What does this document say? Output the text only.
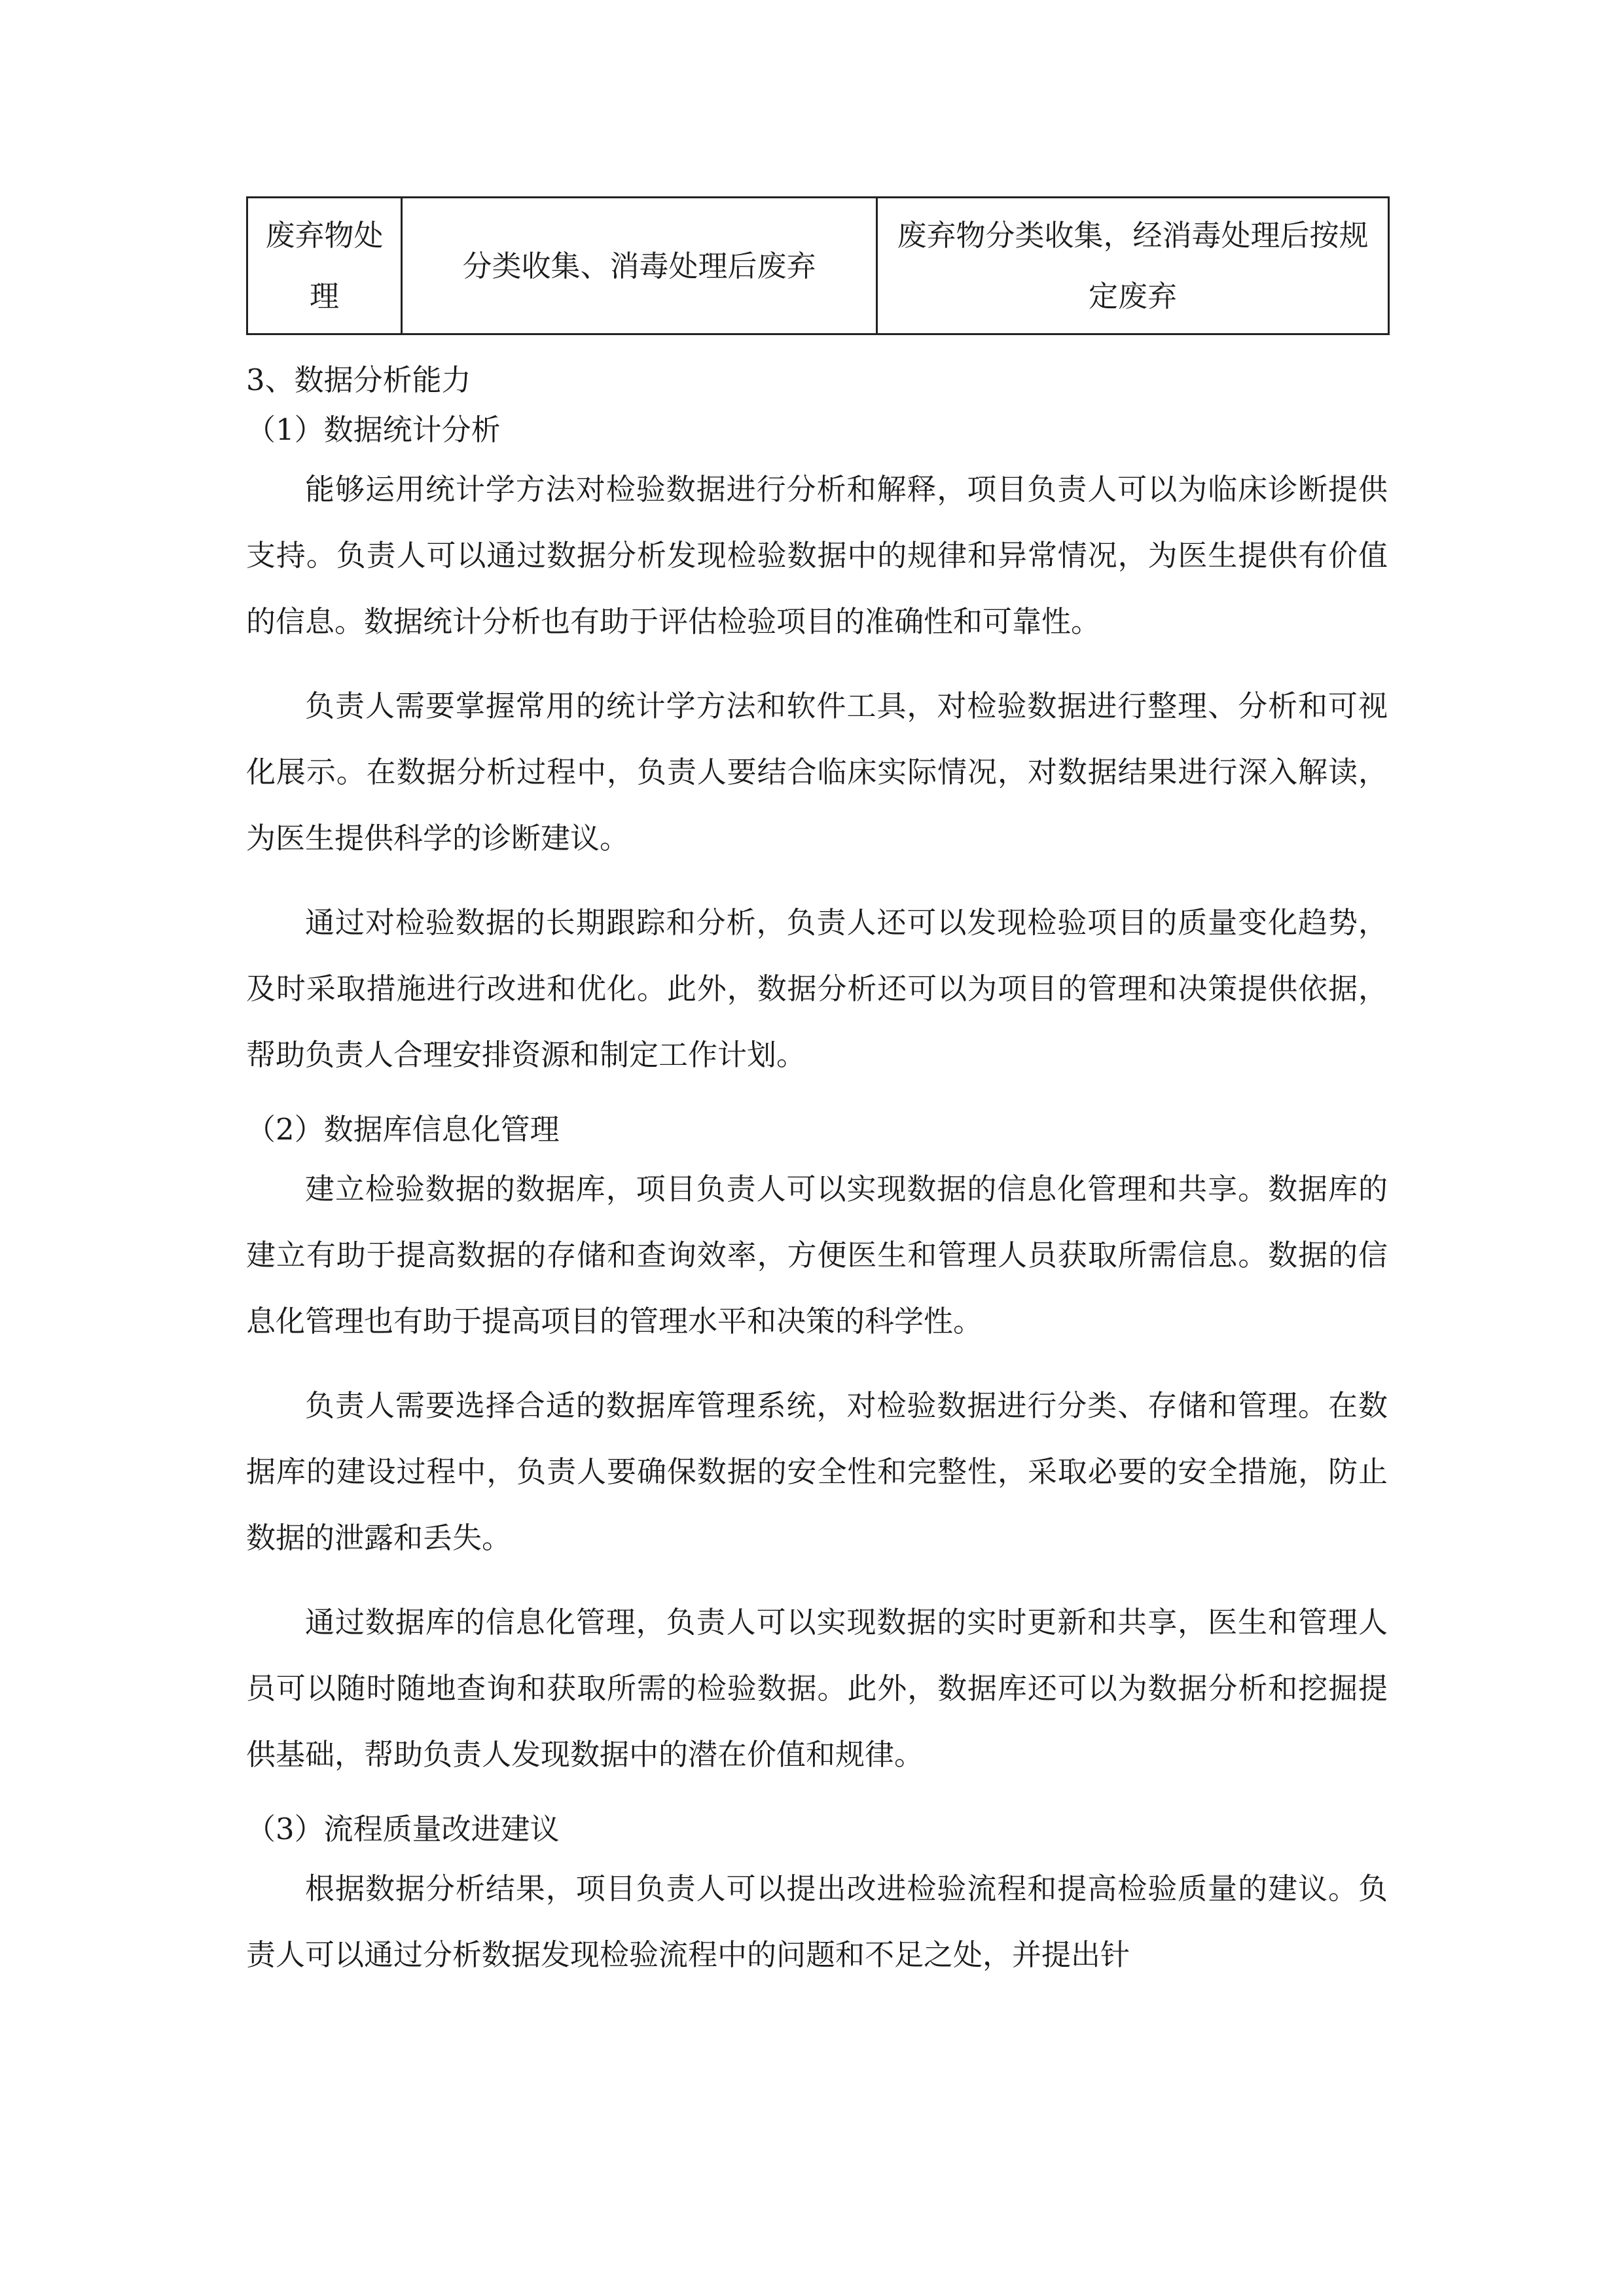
废弃物处理	分类收集、消毒处理后废弃	废弃物分类收集，经消毒处理后按规定废弃

3、数据分析能力

（1）数据统计分析

能够运用统计学方法对检验数据进行分析和解释，项目负责人可以为临床诊断提供支持。负责人可以通过数据分析发现检验数据中的规律和异常情况，为医生提供有价值的信息。数据统计分析也有助于评估检验项目的准确性和可靠性。

负责人需要掌握常用的统计学方法和软件工具，对检验数据进行整理、分析和可视化展示。在数据分析过程中，负责人要结合临床实际情况，对数据结果进行深入解读，为医生提供科学的诊断建议。

通过对检验数据的长期跟踪和分析，负责人还可以发现检验项目的质量变化趋势，及时采取措施进行改进和优化。此外，数据分析还可以为项目的管理和决策提供依据，帮助负责人合理安排资源和制定工作计划。

（2）数据库信息化管理

建立检验数据的数据库，项目负责人可以实现数据的信息化管理和共享。数据库的建立有助于提高数据的存储和查询效率，方便医生和管理人员获取所需信息。数据的信息化管理也有助于提高项目的管理水平和决策的科学性。

负责人需要选择合适的数据库管理系统，对检验数据进行分类、存储和管理。在数据库的建设过程中，负责人要确保数据的安全性和完整性，采取必要的安全措施，防止数据的泄露和丢失。

通过数据库的信息化管理，负责人可以实现数据的实时更新和共享，医生和管理人员可以随时随地查询和获取所需的检验数据。此外，数据库还可以为数据分析和挖掘提供基础，帮助负责人发现数据中的潜在价值和规律。

（3）流程质量改进建议

根据数据分析结果，项目负责人可以提出改进检验流程和提高检验质量的建议。负责人可以通过分析数据发现检验流程中的问题和不足之处，并提出针
